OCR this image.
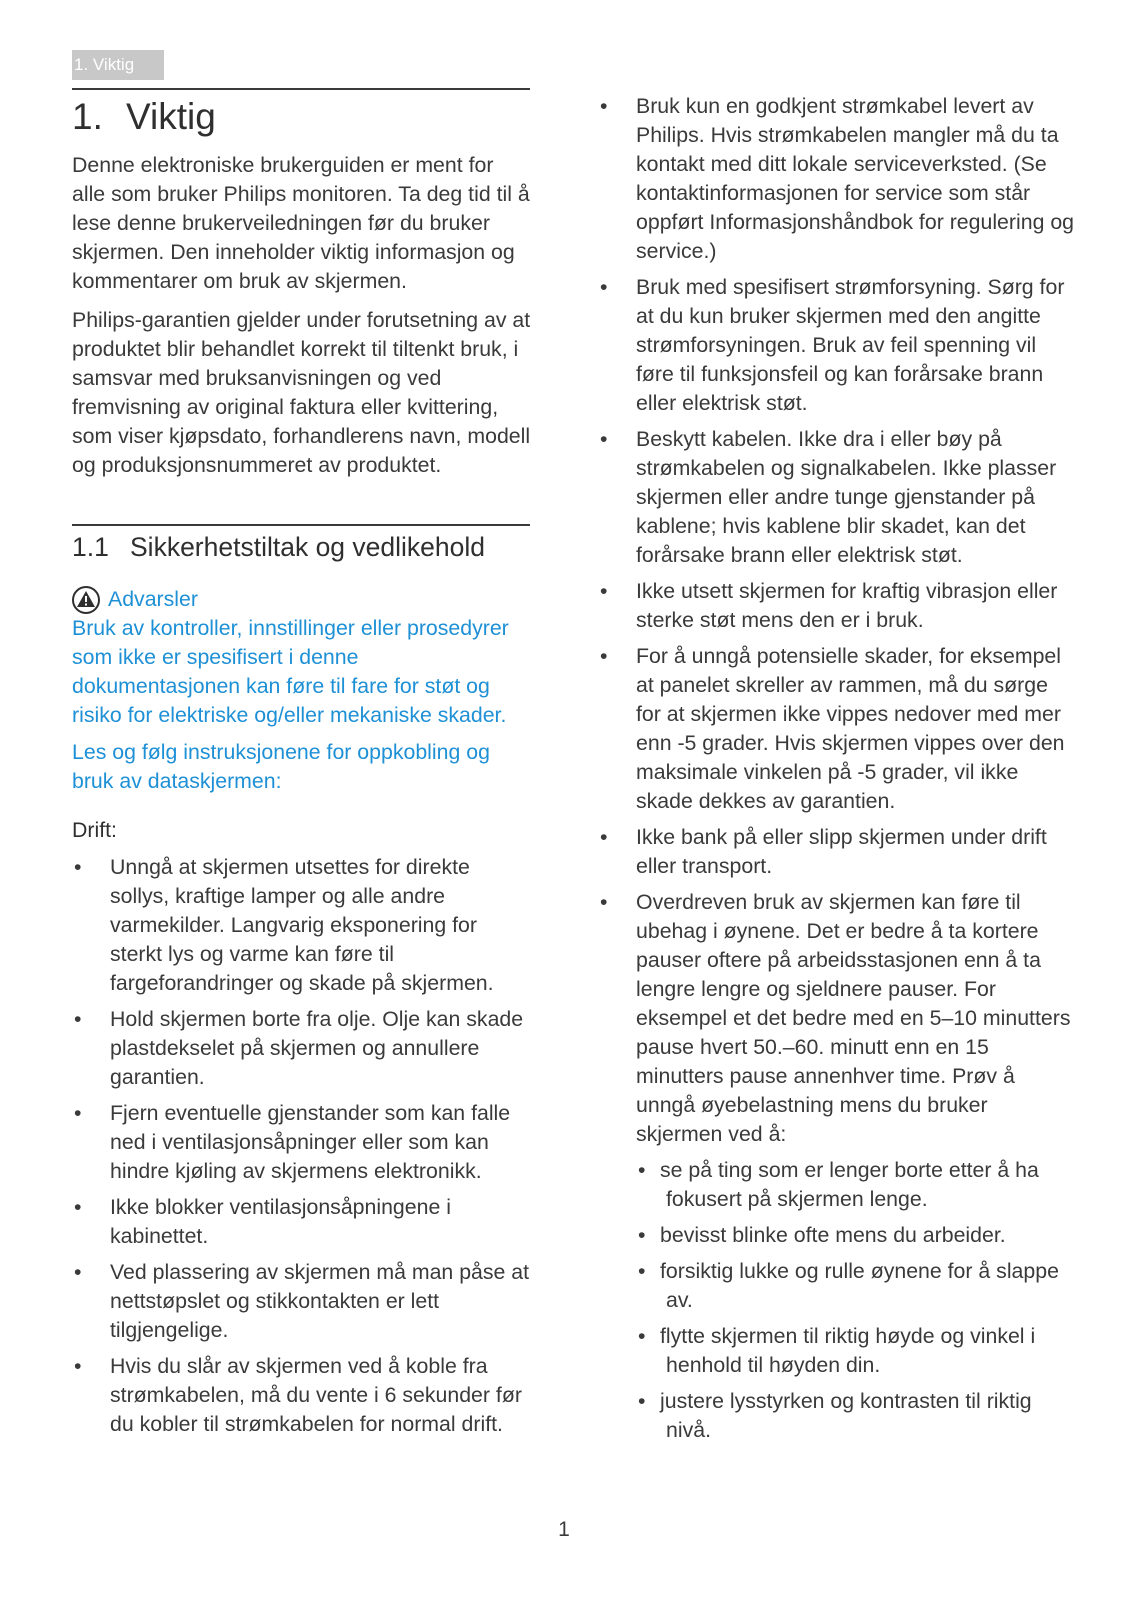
1. Viktig
1. Viktig

Denne elektroniske brukerguiden er ment for alle som bruker Philips monitoren. Ta deg tid til å lese denne brukerveiledningen før du bruker skjermen. Den inneholder viktig informasjon og kommentarer om bruk av skjermen.

Philips-garantien gjelder under forutsetning av at produktet blir behandlet korrekt til tiltenkt bruk, i samsvar med bruksanvisningen og ved fremvisning av original faktura eller kvittering, som viser kjøpsdato, forhandlerens navn, modell og produksjonsnummeret av produktet.

1.1 Sikkerhetstiltak og vedlikehold
Advarsler

Bruk av kontroller, innstillinger eller prosedyrer som ikke er spesifisert i denne dokumentasjonen kan føre til fare for støt og risiko for elektriske og/eller mekaniske skader.

Les og følg instruksjonene for oppkobling og bruk av dataskjermen:

Drift:
• Unngå at skjermen utsettes for direkte sollys, kraftige lamper og alle andre varmekilder. Langvarig eksponering for sterkt lys og varme kan føre til fargeforandringer og skade på skjermen.
• Hold skjermen borte fra olje. Olje kan skade plastdekselet på skjermen og annullere garantien.
• Fjern eventuelle gjenstander som kan falle ned i ventilasjonsåpninger eller som kan hindre kjøling av skjermens elektronikk.
• Ikke blokker ventilasjonsåpningene i kabinettet.
• Ved plassering av skjermen må man påse at nettstøpslet og stikkontakten er lett tilgjengelige.
• Hvis du slår av skjermen ved å koble fra strømkabelen, må du vente i 6 sekunder før du kobler til strømkabelen for normal drift.
• Bruk kun en godkjent strømkabel levert av Philips. Hvis strømkabelen mangler må du ta kontakt med ditt lokale serviceverksted. (Se kontaktinformasjonen for service som står oppført Informasjonshåndbok for regulering og service.)
• Bruk med spesifisert strømforsyning. Sørg for at du kun bruker skjermen med den angitte strømforsyningen. Bruk av feil spenning vil føre til funksjonsfeil og kan forårsake brann eller elektrisk støt.
• Beskytt kabelen. Ikke dra i eller bøy på strømkabelen og signalkabelen. Ikke plasser skjermen eller andre tunge gjenstander på kablene; hvis kablene blir skadet, kan det forårsake brann eller elektrisk støt.
• Ikke utsett skjermen for kraftig vibrasjon eller sterke støt mens den er i bruk.
• For å unngå potensielle skader, for eksempel at panelet skreller av rammen, må du sørge for at skjermen ikke vippes nedover med mer enn -5 grader. Hvis skjermen vippes over den maksimale vinkelen på -5 grader, vil ikke skade dekkes av garantien.
• Ikke bank på eller slipp skjermen under drift eller transport.
• Overdreven bruk av skjermen kan føre til ubehag i øynene. Det er bedre å ta kortere pauser oftere på arbeidsstasjonen enn å ta lengre lengre og sjeldnere pauser. For eksempel et det bedre med en 5–10 minutters pause hvert 50.–60. minutt enn en 15 minutters pause annenhver time. Prøv å unngå øyebelastning mens du bruker skjermen ved å:
• se på ting som er lenger borte etter å ha fokusert på skjermen lenge.
• bevisst blinke ofte mens du arbeider.
• forsiktig lukke og rulle øynene for å slappe av.
• flytte skjermen til riktig høyde og vinkel i henhold til høyden din.
• justere lysstyrken og kontrasten til riktig nivå.
1
